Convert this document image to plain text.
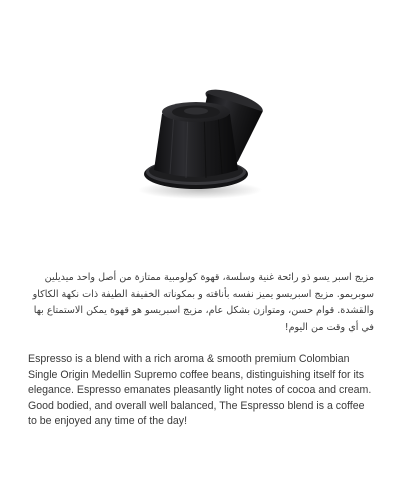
مزيج اسبر يسو ذو رائحة غنية وسلسة، قهوة كولومبية ممتازة من أصل واحد ميديلين سوبريمو. مزيج اسبريسو يميز نفسه بأناقته و بمكوناته الخفيفة الطيفة ذات نكهة الكاكاو والقشدة. قوام حسن، ومتوازن بشكل عام، مزيج اسبريسو هو قهوة يمكن الاستمتاع بها في أي وقت من اليوم!
Espresso is a blend with a rich aroma & smooth premium Colombian Single Origin Medellin Supremo coffee beans, distinguishing itself for its elegance. Espresso emanates pleasantly light notes of cocoa and cream. Good bodied, and overall well balanced, The Espresso blend is a coffee to be enjoyed any time of the day!
